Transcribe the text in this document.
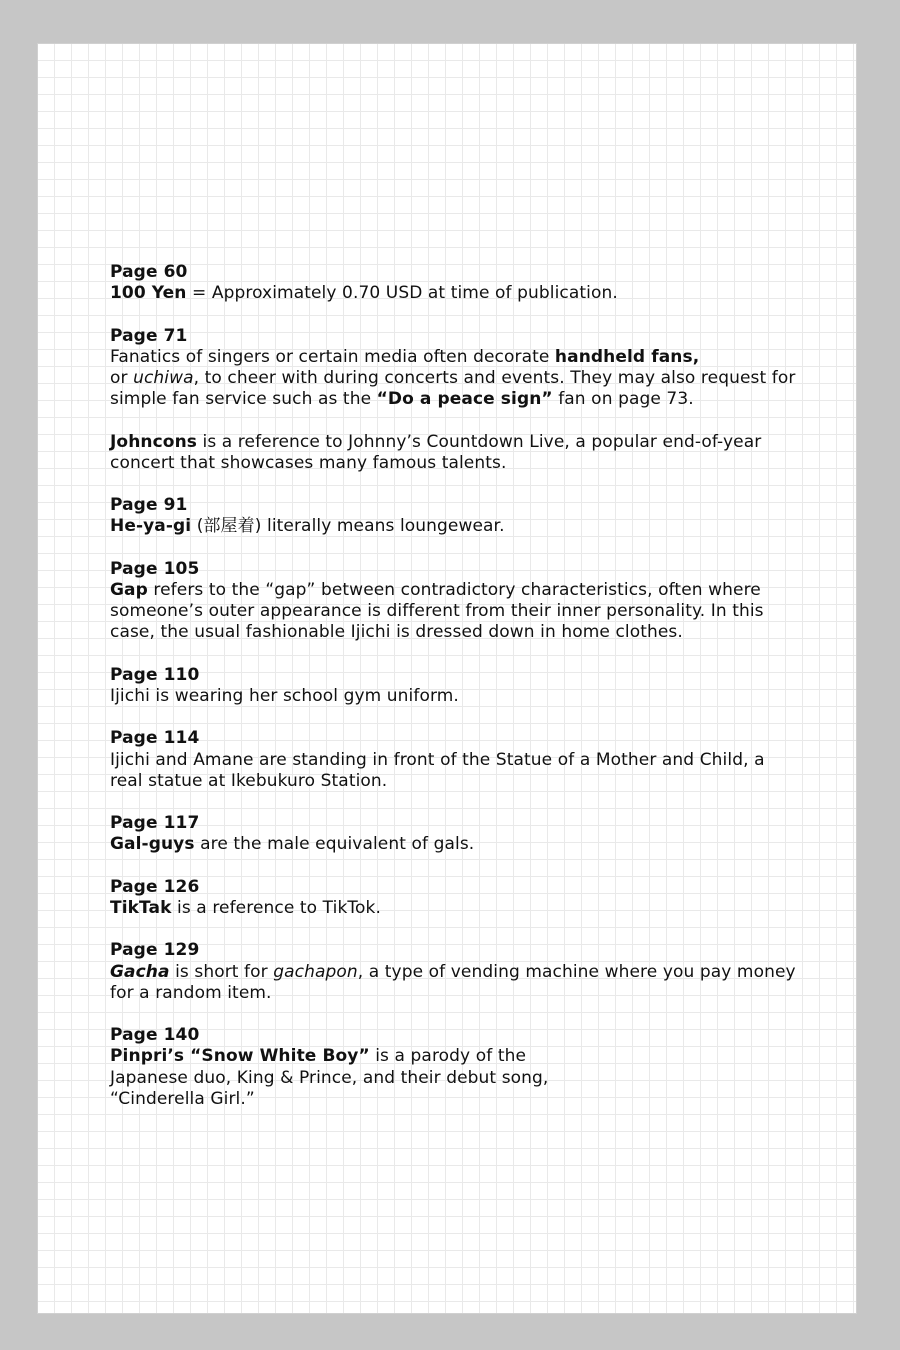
Page 60

100 Yen = Approximately 0.70 USD at time of publication.

Page 71

Fanatics of singers or certain media often decorate handheld fans,
or uchiwa, to cheer with during concerts and events. They may also request for simple fan service such as the “Do a peace sign” fan on page 73.

Johncons is a reference to Johnny’s Countdown Live, a popular end-of-year concert that showcases many famous talents.

Page 91

He-ya-gi (部屋着) literally means loungewear.

Page 105

Gap refers to the “gap” between contradictory characteristics, often where someone’s outer appearance is different from their inner personality. In this case, the usual fashionable Ijichi is dressed down in home clothes.

Page 110

Ijichi is wearing her school gym uniform.

Page 114

Ijichi and Amane are standing in front of the Statue of a Mother and Child, a real statue at Ikebukuro Station.

Page 117

Gal-guys are the male equivalent of gals.

Page 126

TikTak is a reference to TikTok.

Page 129

Gacha is short for gachapon, a type of vending machine where you pay money for a random item.

Page 140

Pinpri’s “Snow White Boy” is a parody of the
Japanese duo, King & Prince, and their debut song,
“Cinderella Girl.”
